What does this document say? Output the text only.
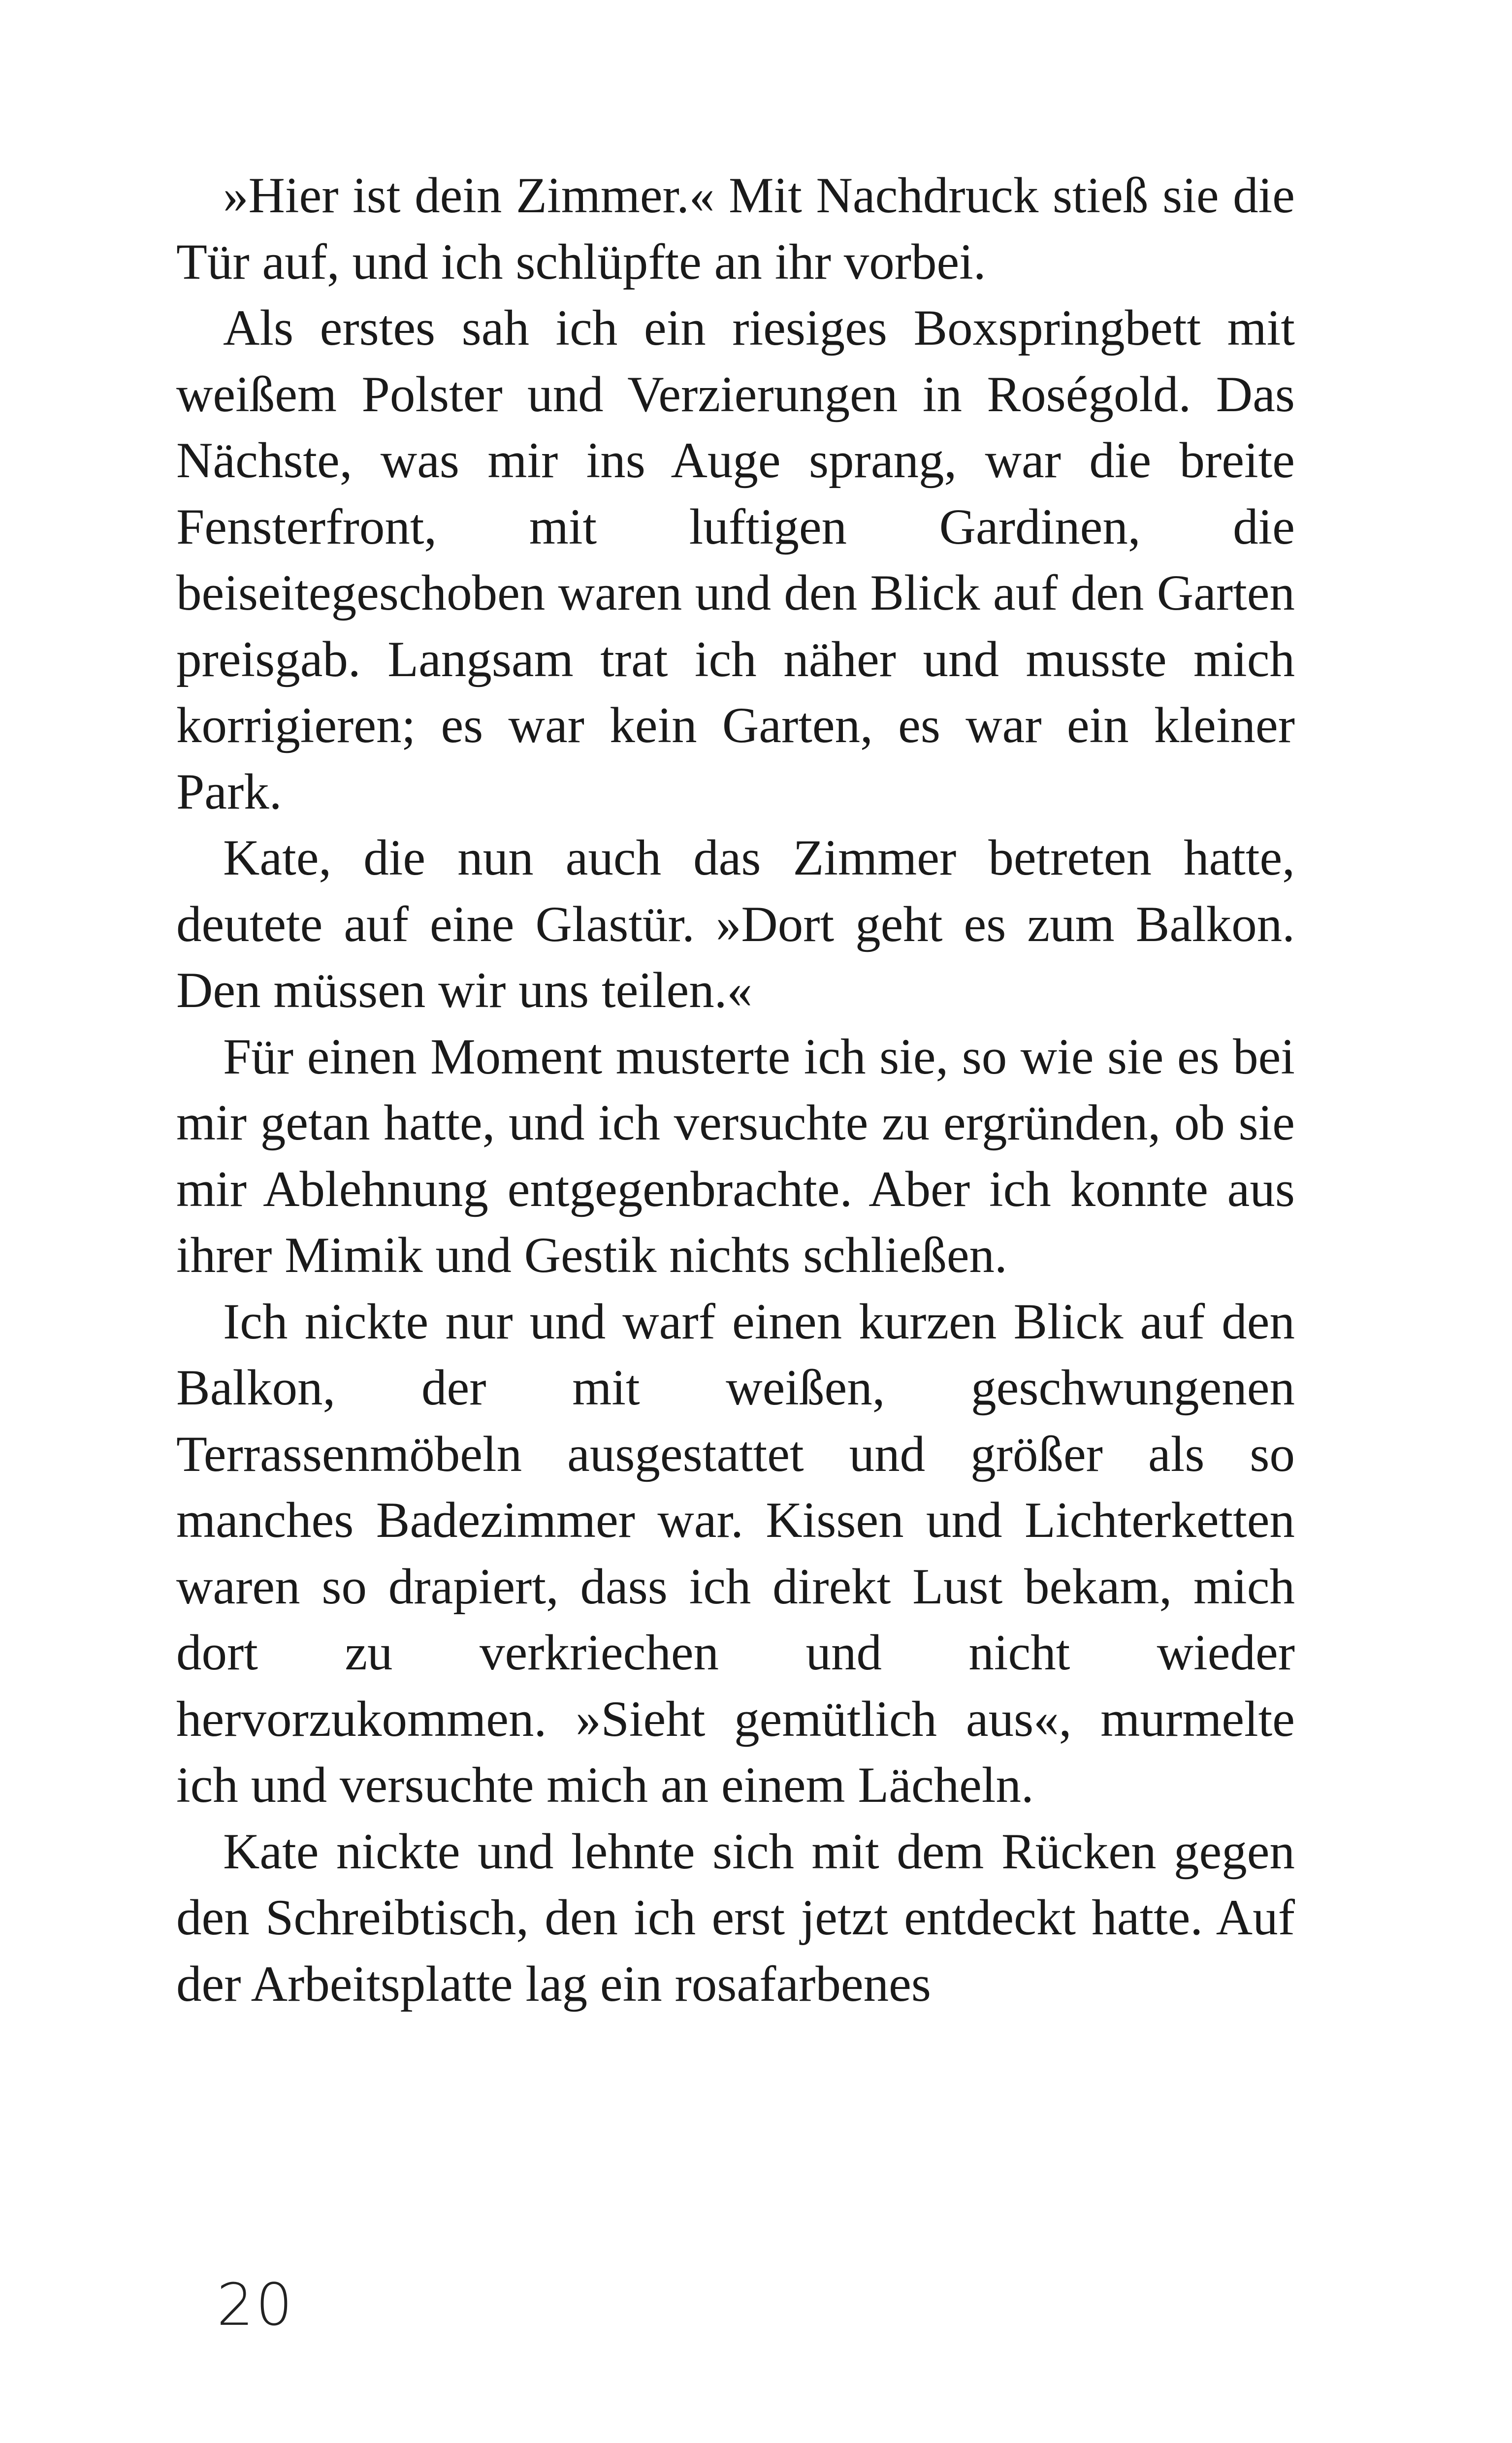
»Hier ist dein Zimmer.« Mit Nachdruck stieß sie die Tür auf, und ich schlüpfte an ihr vorbei.

Als erstes sah ich ein riesiges Boxspringbett mit weißem Polster und Verzierungen in Roségold. Das Nächste, was mir ins Auge sprang, war die breite Fensterfront, mit luftigen Gardinen, die beiseitegeschoben waren und den Blick auf den Garten preisgab. Langsam trat ich näher und musste mich korrigieren; es war kein Garten, es war ein kleiner Park.

Kate, die nun auch das Zimmer betreten hatte, deutete auf eine Glastür. »Dort geht es zum Balkon. Den müssen wir uns teilen.«

Für einen Moment musterte ich sie, so wie sie es bei mir getan hatte, und ich versuchte zu ergründen, ob sie mir Ablehnung entgegenbrachte. Aber ich konnte aus ihrer Mimik und Gestik nichts schließen.

Ich nickte nur und warf einen kurzen Blick auf den Balkon, der mit weißen, geschwungenen Terrassenmöbeln ausgestattet und größer als so manches Badezimmer war. Kissen und Lichterketten waren so drapiert, dass ich direkt Lust bekam, mich dort zu verkriechen und nicht wieder hervorzukommen. »Sieht gemütlich aus«, murmelte ich und versuchte mich an einem Lächeln.

Kate nickte und lehnte sich mit dem Rücken gegen den Schreibtisch, den ich erst jetzt entdeckt hatte. Auf der Arbeitsplatte lag ein rosafarbenes

20
